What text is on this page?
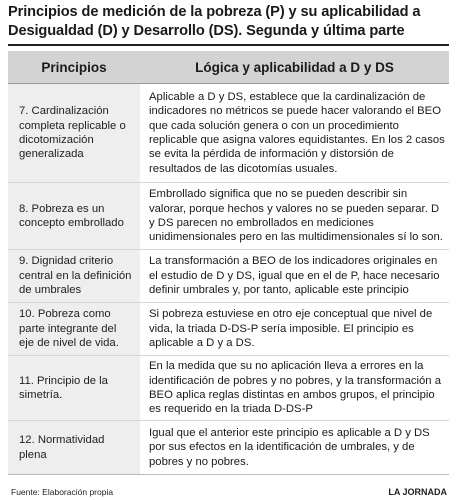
Principios de medición de la pobreza (P) y su aplicabilidad a Desigualdad (D) y Desarrollo (DS). Segunda y última parte
Principios	Lógica y aplicabilidad a D y DS
7. Cardinalización completa replicable o dicotomización generalizada
Aplicable a D y DS, establece que la cardinalización de indicadores no métricos se puede hacer valorando el BEO que cada solución genera o con un procedimiento replicable que asigna valores equidistantes. En los 2 casos se evita la pérdida de información y distorsión de resultados de las dicotomías usuales.
8. Pobreza es un concepto embrollado
Embrollado significa que no se pueden describir sin valorar, porque hechos y valores no se pueden separar. D y DS parecen no embrollados en mediciones unidimensionales pero en las multidimensionales sí lo son.
9. Dignidad criterio central en la definición de umbrales
La transformación a BEO de los indicadores originales en el estudio de D y DS, igual que en el de P, hace necesario definir umbrales y, por tanto, aplicable este principio
10. Pobreza como parte integrante del eje de nivel de vida.
Si pobreza estuviese en otro eje conceptual que nivel de vida, la triada D-DS-P sería imposible. El principio es aplicable a D y a DS.
11. Principio de la simetría.
En la medida que su no aplicación lleva a errores en la identificación de pobres y no pobres, y la transformación a BEO aplica reglas distintas en ambos grupos, el principio es requerido en la triada D-DS-P
12. Normatividad plena
Igual que el anterior este principio es aplicable a D y DS por sus efectos en la identificación de umbrales, y de pobres y no pobres.
Fuente: Elaboración propia	LA JORNADA
